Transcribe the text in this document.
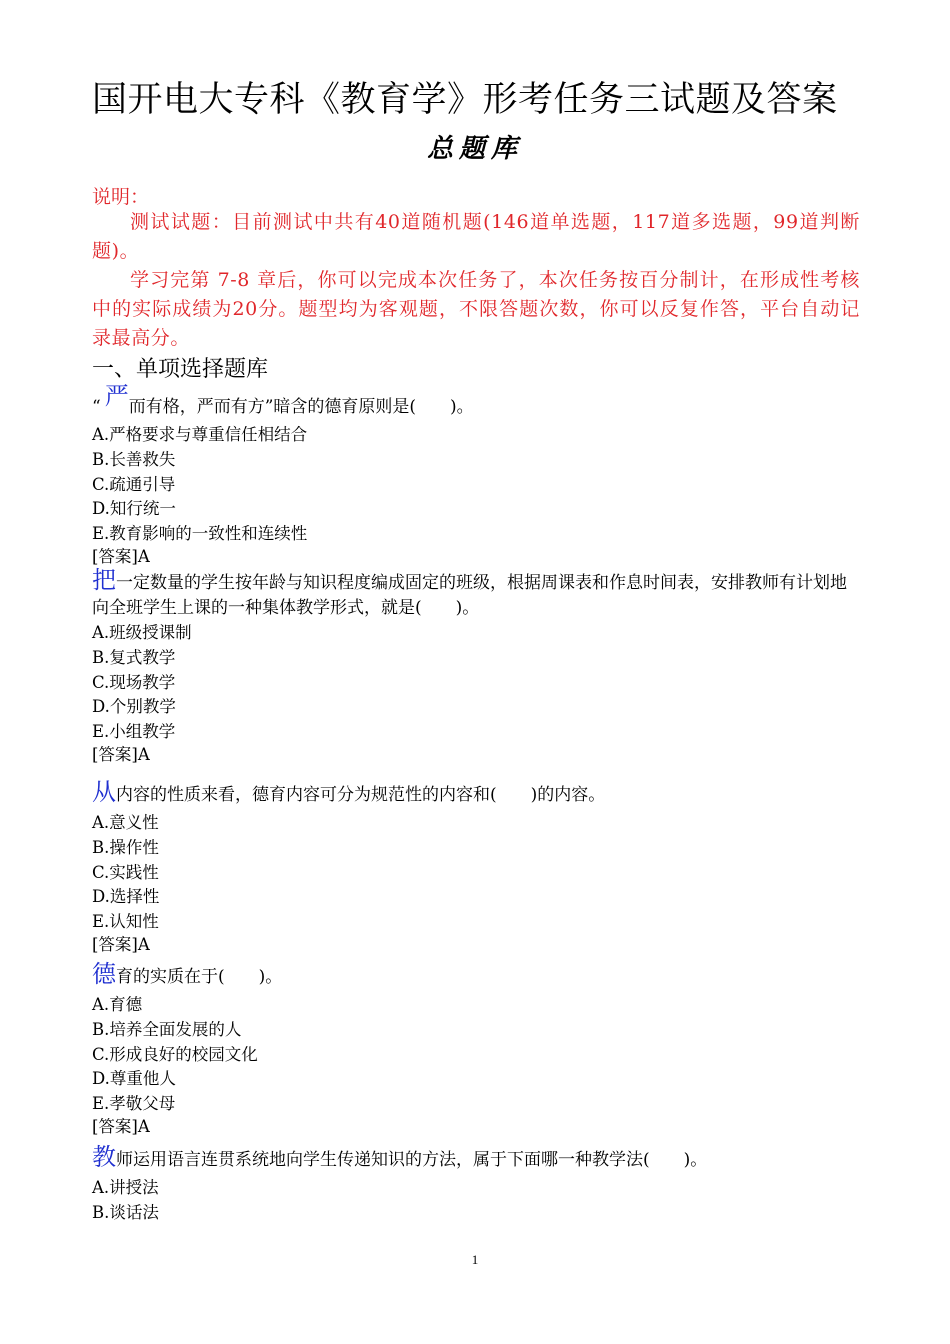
国开电大专科《教育学》形考任务三试题及答案
总题库
说明：
测试试题：目前测试中共有40道随机题(146道单选题，117道多选题，99道判断题)。
学习完第 7-8 章后，你可以完成本次任务了，本次任务按百分制计，在形成性考核中的实际成绩为20分。题型均为客观题，不限答题次数，你可以反复作答，平台自动记录最高分。
一、单项选择题库
“ 严而有格，严而有方”暗含的德育原则是(　　)。
A.严格要求与尊重信任相结合
B.长善救失
C.疏通引导
D.知行统一
E.教育影响的一致性和连续性
[答案]A
把一定数量的学生按年龄与知识程度编成固定的班级，根据周课表和作息时间表，安排教师有计划地向全班学生上课的一种集体教学形式，就是(　　)。
A.班级授课制
B.复式教学
C.现场教学
D.个别教学
E.小组教学
[答案]A
从内容的性质来看，德育内容可分为规范性的内容和(　　)的内容。
A.意义性
B.操作性
C.实践性
D.选择性
E.认知性
[答案]A
德育的实质在于(　　)。
A.育德
B.培养全面发展的人
C.形成良好的校园文化
D.尊重他人
E.孝敬父母
[答案]A
教师运用语言连贯系统地向学生传递知识的方法，属于下面哪一种教学法(　　)。
A.讲授法
B.谈话法
1
